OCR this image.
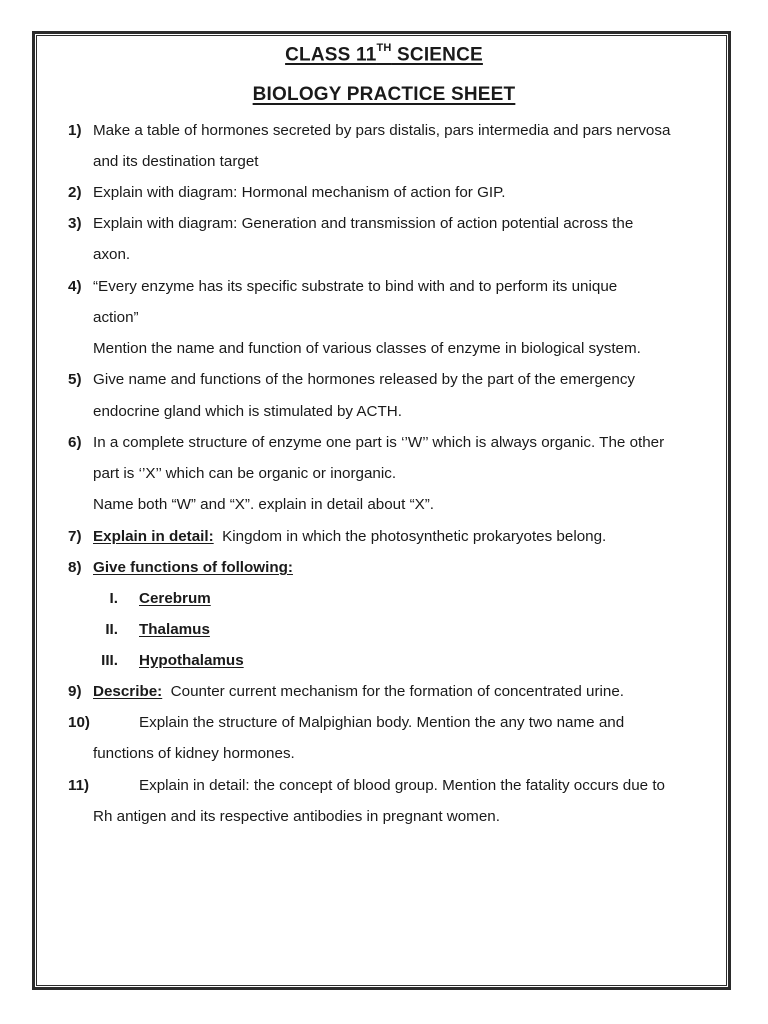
CLASS 11TH SCIENCE
BIOLOGY PRACTICE SHEET
1) Make a table of hormones secreted by pars distalis, pars intermedia and pars nervosa
and its destination target
2) Explain with diagram: Hormonal mechanism of action for GIP.
3) Explain with diagram: Generation and transmission of action potential across the
axon.
4) “Every enzyme has its specific substrate to bind with and to perform its unique
action”
Mention the name and function of various classes of enzyme in biological system.
5) Give name and functions of the hormones released by the part of the emergency
endocrine gland which is stimulated by ACTH.
6) In a complete structure of enzyme one part is ‘’W’’ which is always organic. The other
part is ‘’X’’ which can be organic or inorganic.
Name both “W” and “X”. explain in detail about “X”.
7) Explain in detail:  Kingdom in which the photosynthetic prokaryotes belong.
8) Give functions of following:
I. Cerebrum
II. Thalamus
III. Hypothalamus
9) Describe:  Counter current mechanism for the formation of concentrated urine.
10)	Explain the structure of Malpighian body. Mention the any two name and
functions of kidney hormones.
11)	Explain in detail: the concept of blood group. Mention the fatality occurs due to
Rh antigen and its respective antibodies in pregnant women.
